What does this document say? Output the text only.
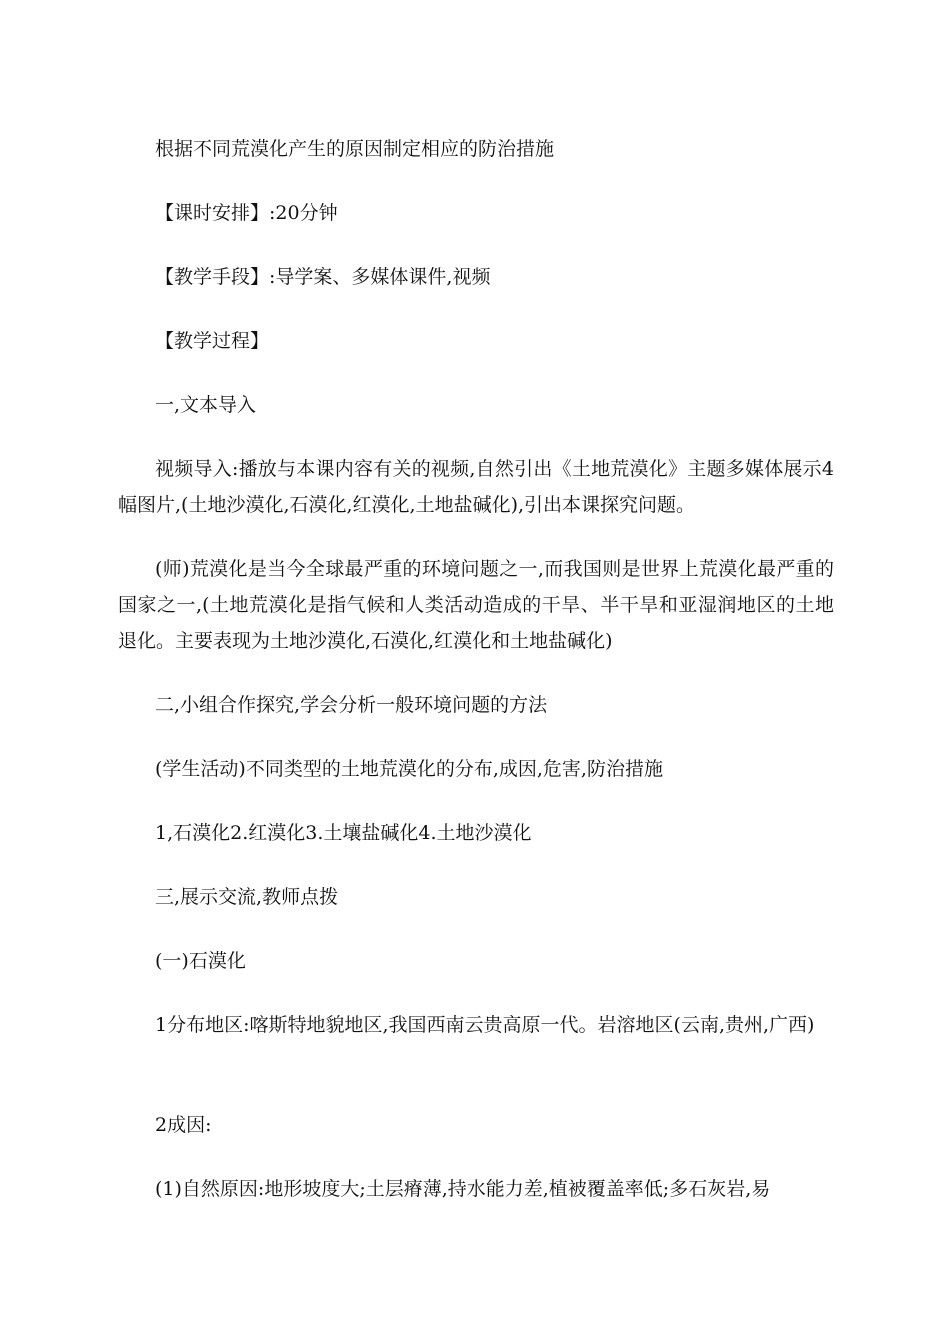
根据不同荒漠化产生的原因制定相应的防治措施

【课时安排】:20分钟

【教学手段】:导学案、多媒体课件,视频

【教学过程】

一,文本导入

视频导入:播放与本课内容有关的视频,自然引出《土地荒漠化》主题多媒体展示4幅图片,(土地沙漠化,石漠化,红漠化,土地盐碱化),引出本课探究问题。

(师)荒漠化是当今全球最严重的环境问题之一,而我国则是世界上荒漠化最严重的国家之一,(土地荒漠化是指气候和人类活动造成的干旱、半干旱和亚湿润地区的土地退化。主要表现为土地沙漠化,石漠化,红漠化和土地盐碱化)

二,小组合作探究,学会分析一般环境问题的方法

(学生活动)不同类型的土地荒漠化的分布,成因,危害,防治措施

1,石漠化2.红漠化3.土壤盐碱化4.土地沙漠化

三,展示交流,教师点拨

(一)石漠化

1分布地区:喀斯特地貌地区,我国西南云贵高原一代。岩溶地区(云南,贵州,广西)

2成因:

(1)自然原因:地形坡度大;土层瘠薄,持水能力差,植被覆盖率低;多石灰岩,易
